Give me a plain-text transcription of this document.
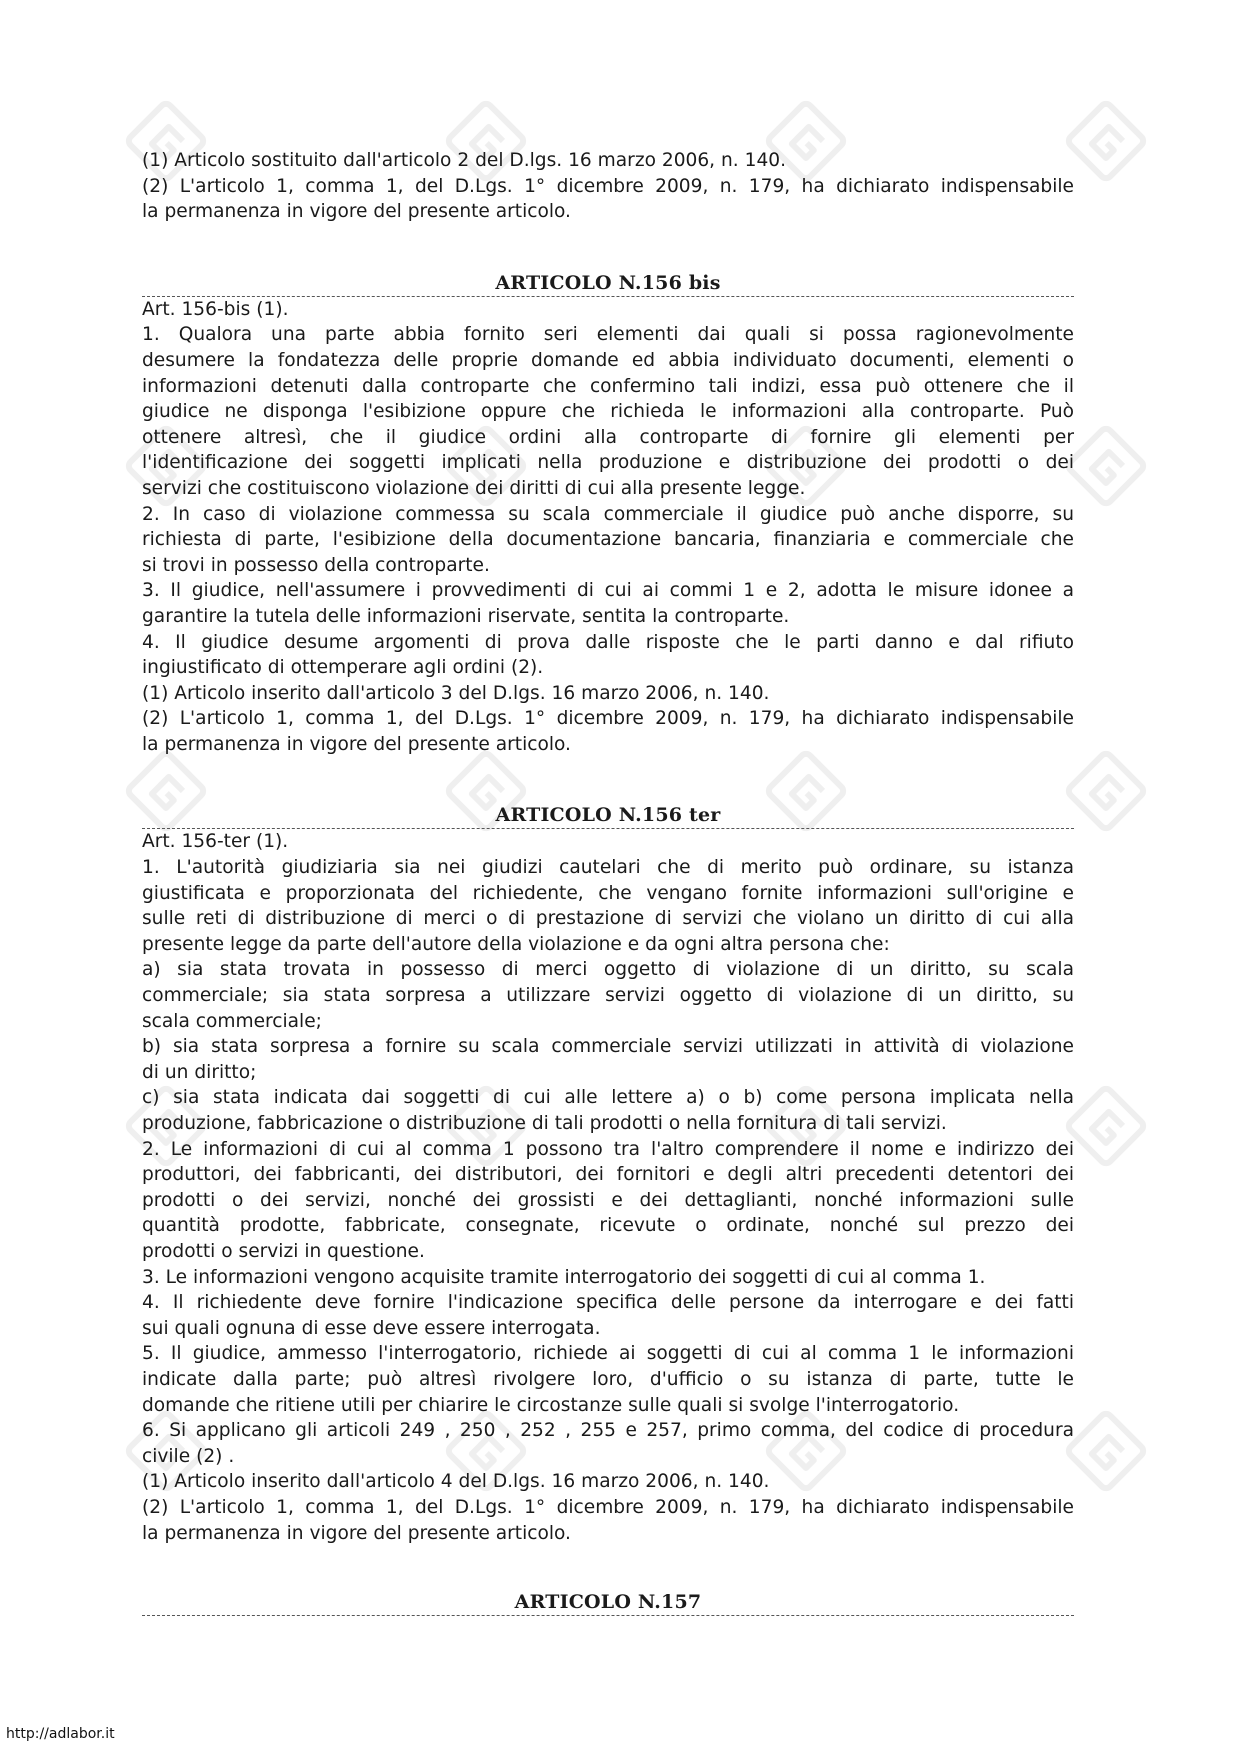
(1) Articolo sostituito dall'articolo 2 del D.lgs. 16 marzo 2006, n. 140.

(2) L'articolo 1, comma 1, del D.Lgs. 1° dicembre 2009, n. 179, ha dichiarato indispensabile

la permanenza in vigore del presente articolo.

ARTICOLO N.156 bis

Art. 156-bis (1).

1. Qualora una parte abbia fornito seri elementi dai quali si possa ragionevolmente

desumere la fondatezza delle proprie domande ed abbia individuato documenti, elementi o

informazioni detenuti dalla controparte che confermino tali indizi, essa può ottenere che il

giudice ne disponga l'esibizione oppure che richieda le informazioni alla controparte. Può

ottenere altresì, che il giudice ordini alla controparte di fornire gli elementi per

l'identificazione dei soggetti implicati nella produzione e distribuzione dei prodotti o dei

servizi che costituiscono violazione dei diritti di cui alla presente legge.

2. In caso di violazione commessa su scala commerciale il giudice può anche disporre, su

richiesta di parte, l'esibizione della documentazione bancaria, finanziaria e commerciale che

si trovi in possesso della controparte.

3. Il giudice, nell'assumere i provvedimenti di cui ai commi 1 e 2, adotta le misure idonee a

garantire la tutela delle informazioni riservate, sentita la controparte.

4. Il giudice desume argomenti di prova dalle risposte che le parti danno e dal rifiuto

ingiustificato di ottemperare agli ordini (2).

(1) Articolo inserito dall'articolo 3 del D.lgs. 16 marzo 2006, n. 140.

(2) L'articolo 1, comma 1, del D.Lgs. 1° dicembre 2009, n. 179, ha dichiarato indispensabile

la permanenza in vigore del presente articolo.

ARTICOLO N.156 ter

Art. 156-ter (1).

1. L'autorità giudiziaria sia nei giudizi cautelari che di merito può ordinare, su istanza

giustificata e proporzionata del richiedente, che vengano fornite informazioni sull'origine e

sulle reti di distribuzione di merci o di prestazione di servizi che violano un diritto di cui alla

presente legge da parte dell'autore della violazione e da ogni altra persona che:

a) sia stata trovata in possesso di merci oggetto di violazione di un diritto, su scala

commerciale; sia stata sorpresa a utilizzare servizi oggetto di violazione di un diritto, su

scala commerciale;

b) sia stata sorpresa a fornire su scala commerciale servizi utilizzati in attività di violazione

di un diritto;

c) sia stata indicata dai soggetti di cui alle lettere a) o b) come persona implicata nella

produzione, fabbricazione o distribuzione di tali prodotti o nella fornitura di tali servizi.

2. Le informazioni di cui al comma 1 possono tra l'altro comprendere il nome e indirizzo dei

produttori, dei fabbricanti, dei distributori, dei fornitori e degli altri precedenti detentori dei

prodotti o dei servizi, nonché dei grossisti e dei dettaglianti, nonché informazioni sulle

quantità prodotte, fabbricate, consegnate, ricevute o ordinate, nonché sul prezzo dei

prodotti o servizi in questione.

3. Le informazioni vengono acquisite tramite interrogatorio dei soggetti di cui al comma 1.

4. Il richiedente deve fornire l'indicazione specifica delle persone da interrogare e dei fatti

sui quali ognuna di esse deve essere interrogata.

5. Il giudice, ammesso l'interrogatorio, richiede ai soggetti di cui al comma 1 le informazioni

indicate dalla parte; può altresì rivolgere loro, d'ufficio o su istanza di parte, tutte le

domande che ritiene utili per chiarire le circostanze sulle quali si svolge l'interrogatorio.

6. Si applicano gli articoli 249 , 250 , 252 , 255 e 257, primo comma, del codice di procedura

civile (2) .

(1) Articolo inserito dall'articolo 4 del D.lgs. 16 marzo 2006, n. 140.

(2) L'articolo 1, comma 1, del D.Lgs. 1° dicembre 2009, n. 179, ha dichiarato indispensabile

la permanenza in vigore del presente articolo.

ARTICOLO N.157

http://adlabor.it
